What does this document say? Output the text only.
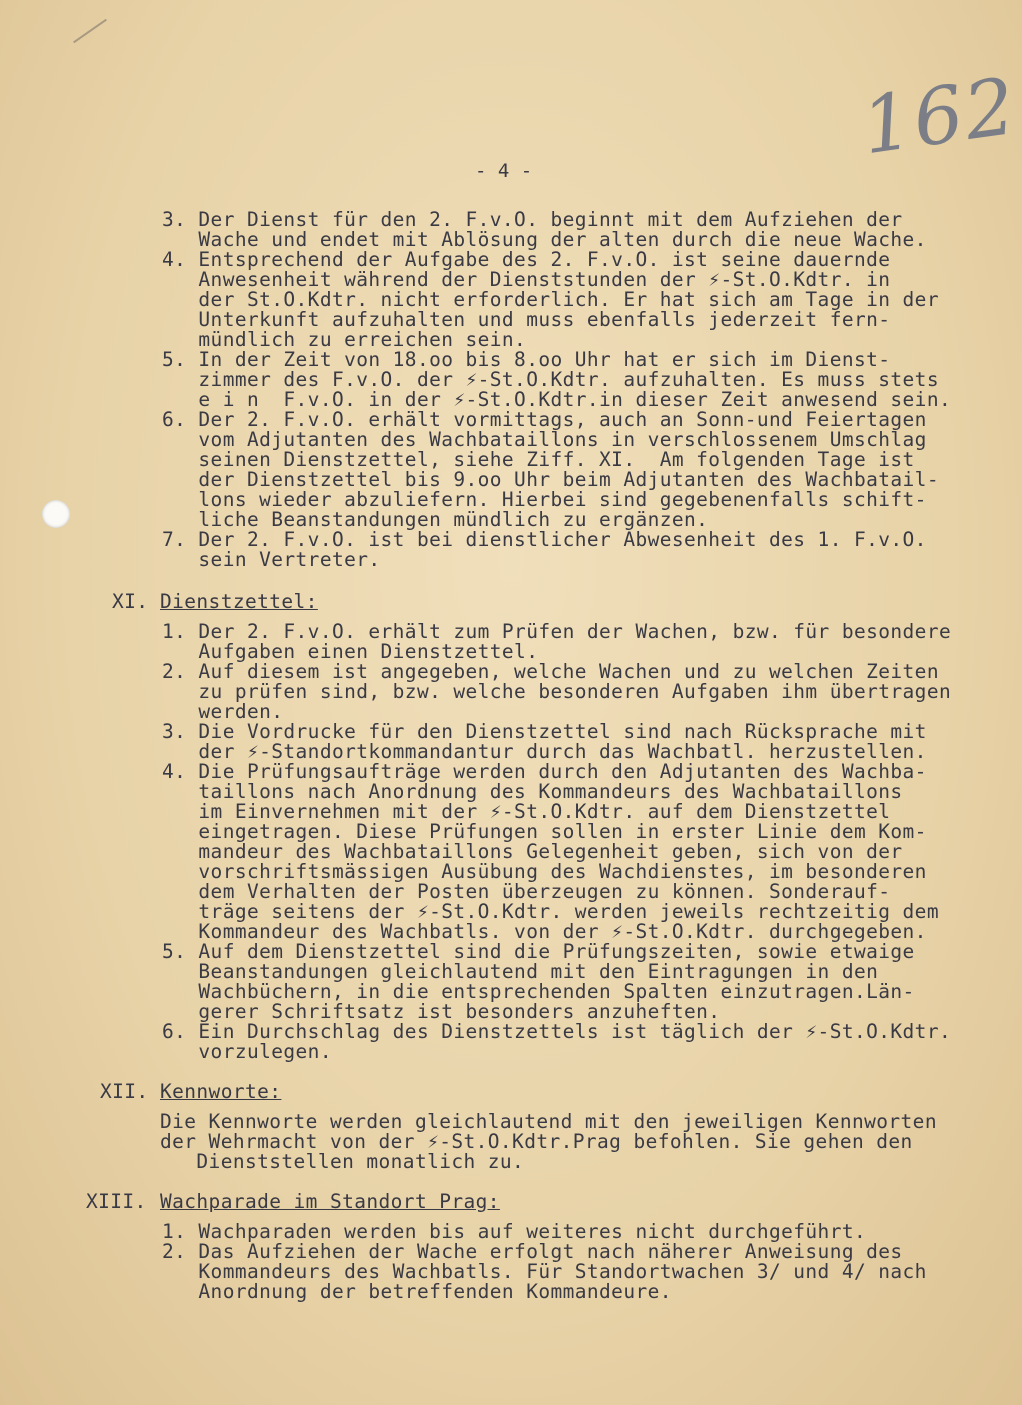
162
- 4 -
3. Der Dienst für den 2. F.v.O. beginnt mit dem Aufziehen der
Wache und endet mit Ablösung der alten durch die neue Wache.
4. Entsprechend der Aufgabe des 2. F.v.O. ist seine dauernde
Anwesenheit während der Dienststunden der ⚡-St.O.Kdtr. in
der St.O.Kdtr. nicht erforderlich. Er hat sich am Tage in der
Unterkunft aufzuhalten und muss ebenfalls jederzeit fern-
mündlich zu erreichen sein.
5. In der Zeit von 18.oo bis 8.oo Uhr hat er sich im Dienst-
zimmer des F.v.O. der ⚡-St.O.Kdtr. aufzuhalten. Es muss stets
e i n  F.v.O. in der ⚡-St.O.Kdtr.in dieser Zeit anwesend sein.
6. Der 2. F.v.O. erhält vormittags, auch an Sonn-und Feiertagen
vom Adjutanten des Wachbataillons in verschlossenem Umschlag
seinen Dienstzettel, siehe Ziff. XI.  Am folgenden Tage ist
der Dienstzettel bis 9.oo Uhr beim Adjutanten des Wachbatail-
lons wieder abzuliefern. Hierbei sind gegebenenfalls schift-
liche Beanstandungen mündlich zu ergänzen.
7. Der 2. F.v.O. ist bei dienstlicher Abwesenheit des 1. F.v.O.
sein Vertreter.
XI. Dienstzettel:
1. Der 2. F.v.O. erhält zum Prüfen der Wachen, bzw. für besondere
Aufgaben einen Dienstzettel.
2. Auf diesem ist angegeben, welche Wachen und zu welchen Zeiten
zu prüfen sind, bzw. welche besonderen Aufgaben ihm übertragen
werden.
3. Die Vordrucke für den Dienstzettel sind nach Rücksprache mit
der ⚡-Standortkommandantur durch das Wachbatl. herzustellen.
4. Die Prüfungsaufträge werden durch den Adjutanten des Wachba-
taillons nach Anordnung des Kommandeurs des Wachbataillons
im Einvernehmen mit der ⚡-St.O.Kdtr. auf dem Dienstzettel
eingetragen. Diese Prüfungen sollen in erster Linie dem Kom-
mandeur des Wachbataillons Gelegenheit geben, sich von der
vorschriftsmässigen Ausübung des Wachdienstes, im besonderen
dem Verhalten der Posten überzeugen zu können. Sonderauf-
träge seitens der ⚡-St.O.Kdtr. werden jeweils rechtzeitig dem
Kommandeur des Wachbatls. von der ⚡-St.O.Kdtr. durchgegeben.
5. Auf dem Dienstzettel sind die Prüfungszeiten, sowie etwaige
Beanstandungen gleichlautend mit den Eintragungen in den
Wachbüchern, in die entsprechenden Spalten einzutragen.Län-
gerer Schriftsatz ist besonders anzuheften.
6. Ein Durchschlag des Dienstzettels ist täglich der ⚡-St.O.Kdtr.
vorzulegen.
XII. Kennworte:
Die Kennworte werden gleichlautend mit den jeweiligen Kennworten
der Wehrmacht von der ⚡-St.O.Kdtr.Prag befohlen. Sie gehen den
Dienststellen monatlich zu.
XIII. Wachparade im Standort Prag:
1. Wachparaden werden bis auf weiteres nicht durchgeführt.
2. Das Aufziehen der Wache erfolgt nach näherer Anweisung des
Kommandeurs des Wachbatls. Für Standortwachen 3/ und 4/ nach
Anordnung der betreffenden Kommandeure.
